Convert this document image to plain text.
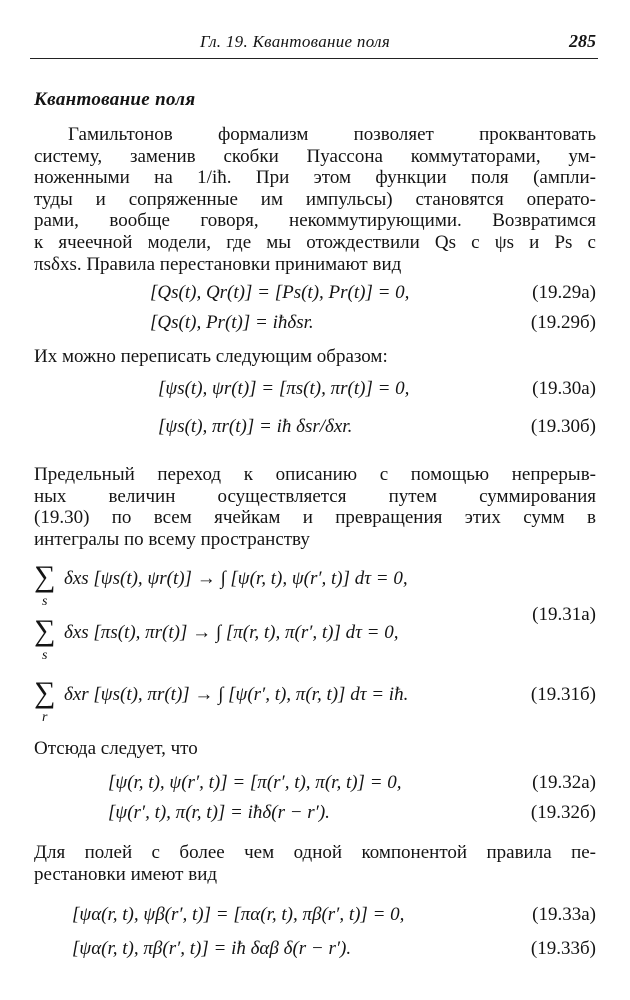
Гл. 19. Квантование поля	285
Квантование поля

Гамильтонов формализм позволяет проквантовать
систему, заменив скобки Пуассона коммутаторами, ум-
ноженными на 1/iħ. При этом функции поля (ампли-
туды и сопряженные им импульсы) становятся операто-
рами, вообще говоря, некоммутирующими. Возвратимся
к ячеечной модели, где мы отождествили Qs с ψs и Ps с
πsδxs. Правила перестановки принимают вид

[Qs(t), Qr(t)] = [Ps(t), Pr(t)] = 0,	(19.29а)
[Qs(t), Pr(t)] = iħδsr.	(19.29б)
Их можно переписать следующим образом:
[ψs(t), ψr(t)] = [πs(t), πr(t)] = 0,	(19.30а)
[ψs(t), πr(t)] = iħ δsr/δxr.	(19.30б)

Предельный переход к описанию с помощью непрерыв-
ных величин осуществляется путем суммирования
(19.30) по всем ячейкам и превращения этих сумм в
интегралы по всему пространству

∑
s
δxs [ψs(t), ψr(t)] → ∫ [ψ(r, t), ψ(r′, t)] dτ = 0,
∑
s
δxs [πs(t), πr(t)] → ∫ [π(r, t), π(r′, t)] dτ = 0,
(19.31а)
∑
r
δxr [ψs(t), πr(t)] → ∫ [ψ(r′, t), π(r, t)] dτ = iħ.	(19.31б)
Отсюда следует, что
[ψ(r, t), ψ(r′, t)] = [π(r′, t), π(r, t)] = 0,	(19.32а)
[ψ(r′, t), π(r, t)] = iħδ(r − r′).	(19.32б)

Для полей с более чем одной компонентой правила пе-
рестановки имеют вид

[ψα(r, t), ψβ(r′, t)] = [πα(r, t), πβ(r′, t)] = 0,	(19.33а)
[ψα(r, t), πβ(r′, t)] = iħ δαβ δ(r − r′).	(19.33б)
